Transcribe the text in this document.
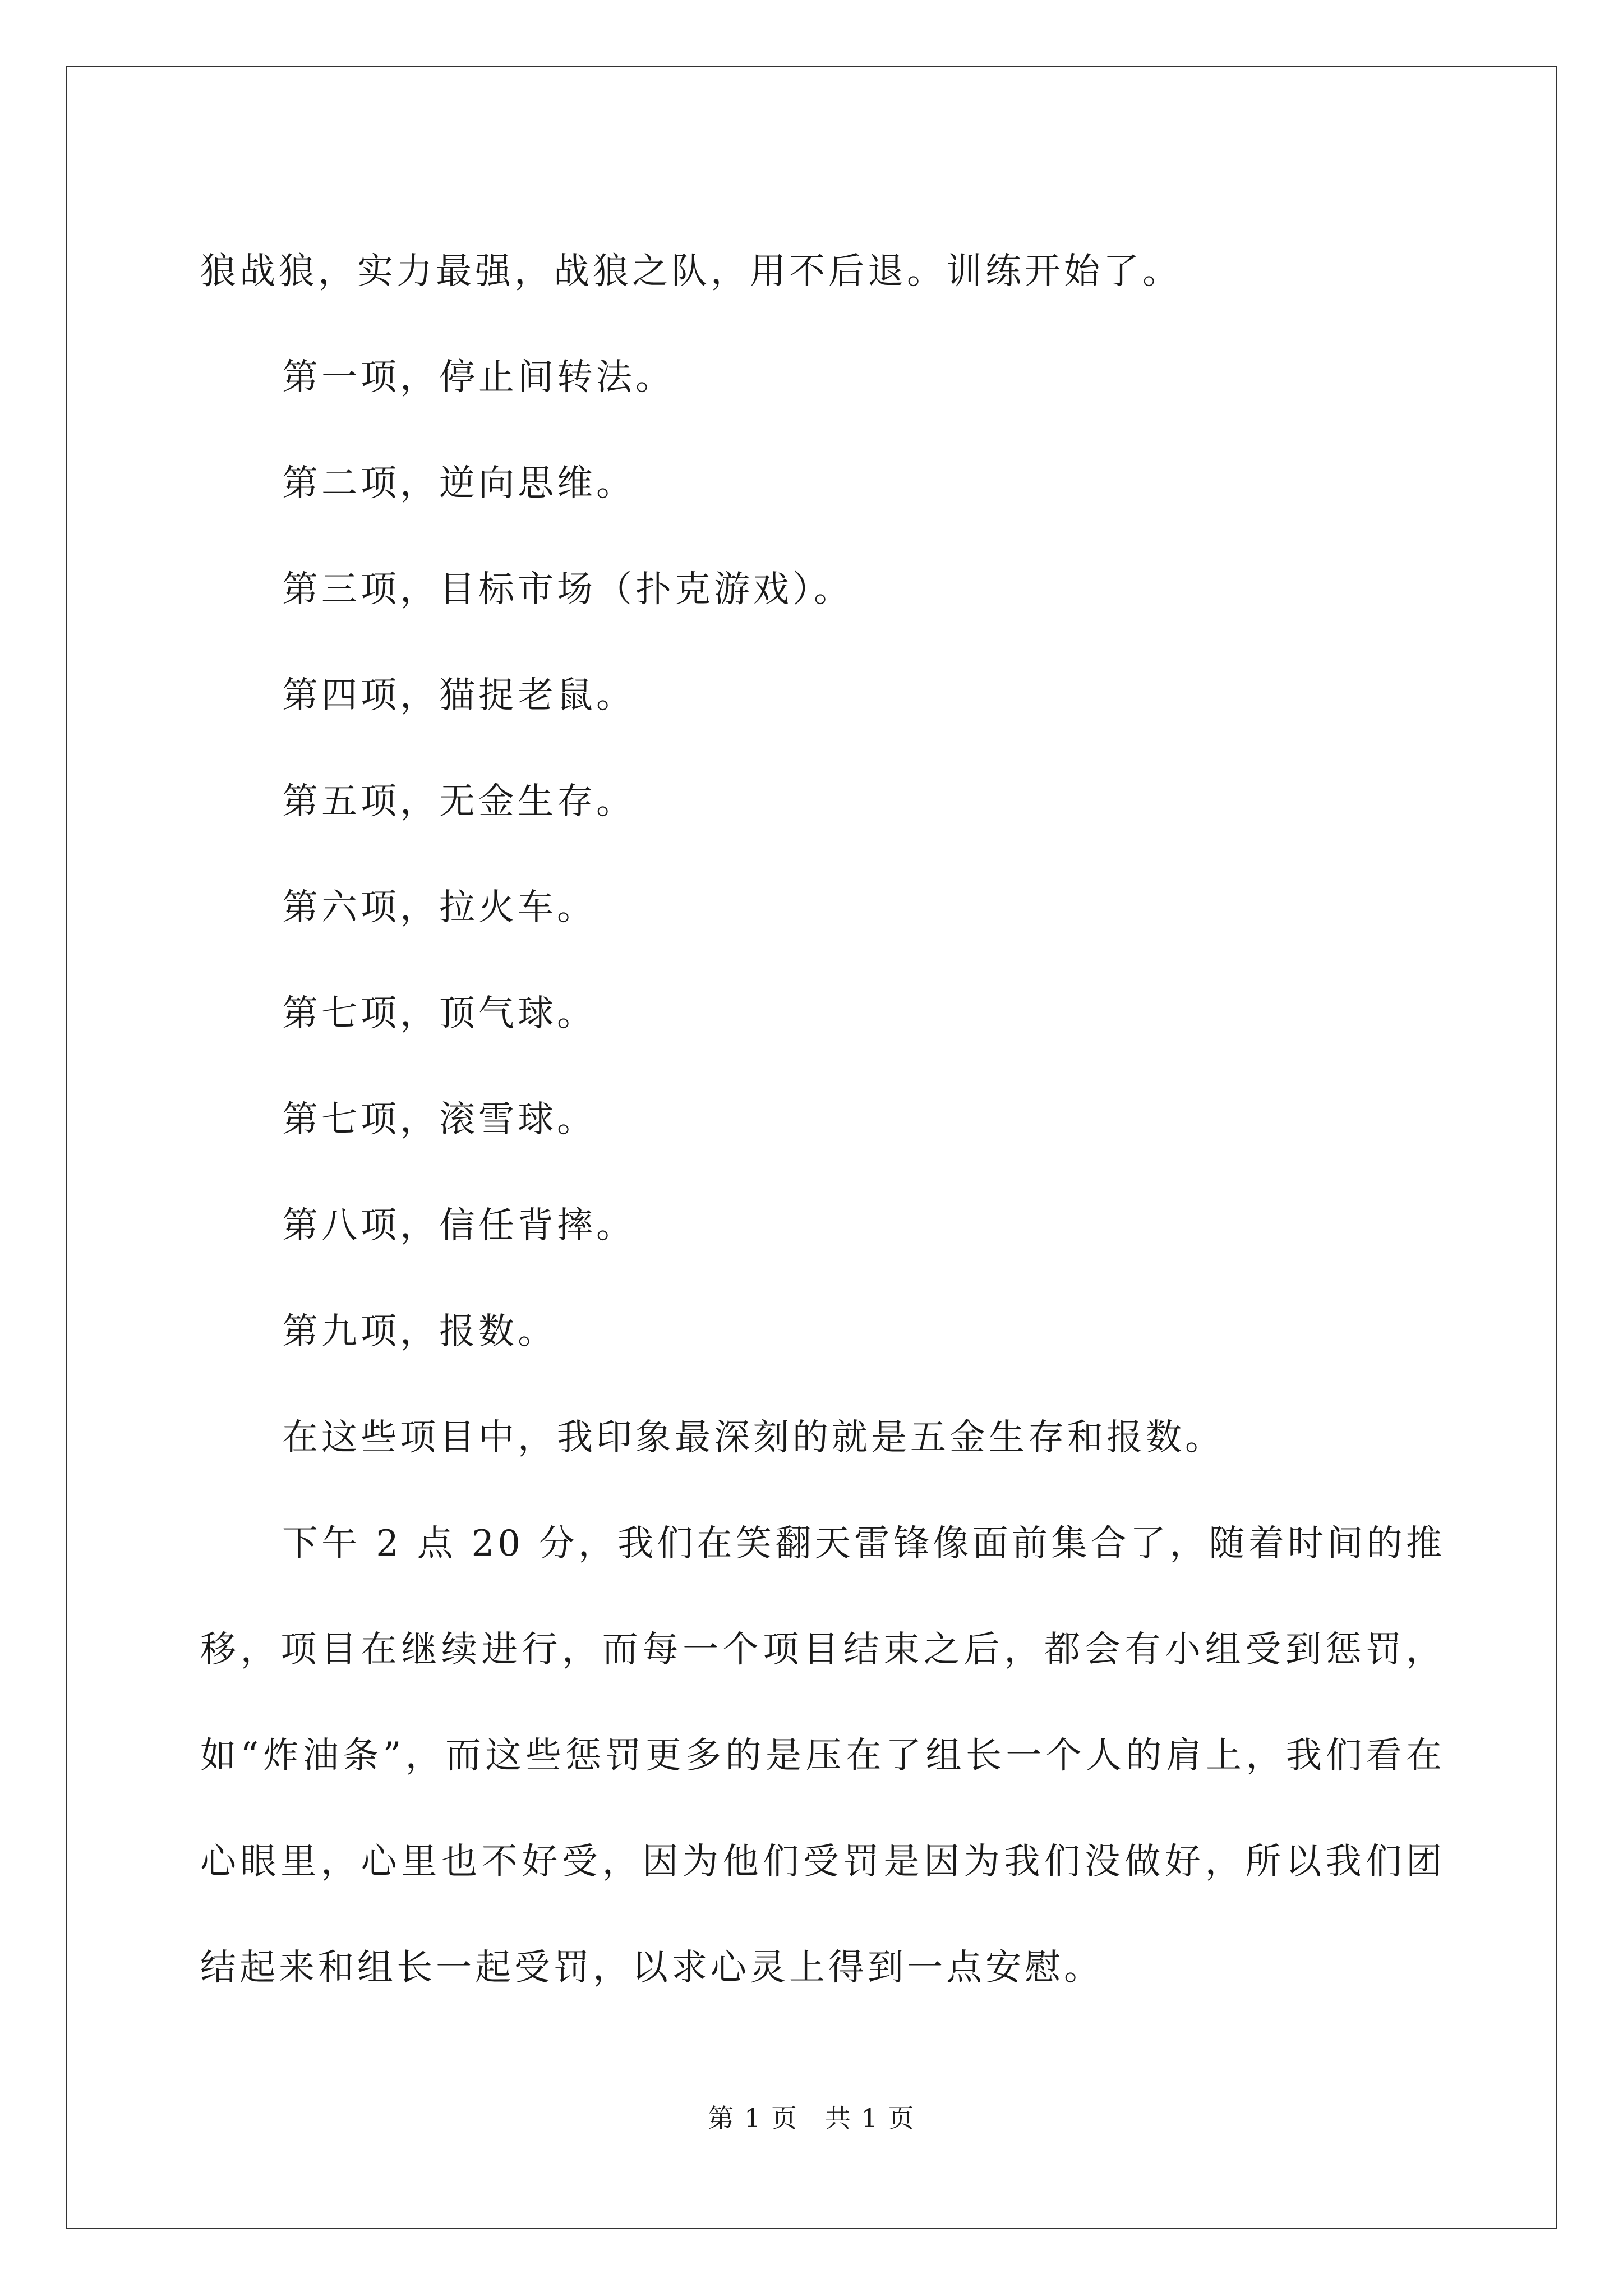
狼战狼，实力最强，战狼之队，用不后退。训练开始了。

第一项，停止间转法。

第二项，逆向思维。

第三项，目标市场（扑克游戏）。

第四项，猫捉老鼠。

第五项，无金生存。

第六项，拉火车。

第七项，顶气球。

第七项，滚雪球。

第八项，信任背摔。

第九项，报数。

在这些项目中，我印象最深刻的就是五金生存和报数。

下午 2 点 20 分，我们在笑翻天雷锋像面前集合了，随着时间的推移，项目在继续进行，而每一个项目结束之后，都会有小组受到惩罚，如“炸油条”，而这些惩罚更多的是压在了组长一个人的肩上，我们看在心眼里，心里也不好受，因为他们受罚是因为我们没做好，所以我们团结起来和组长一起受罚，以求心灵上得到一点安慰。

第 1 页　共 1 页
